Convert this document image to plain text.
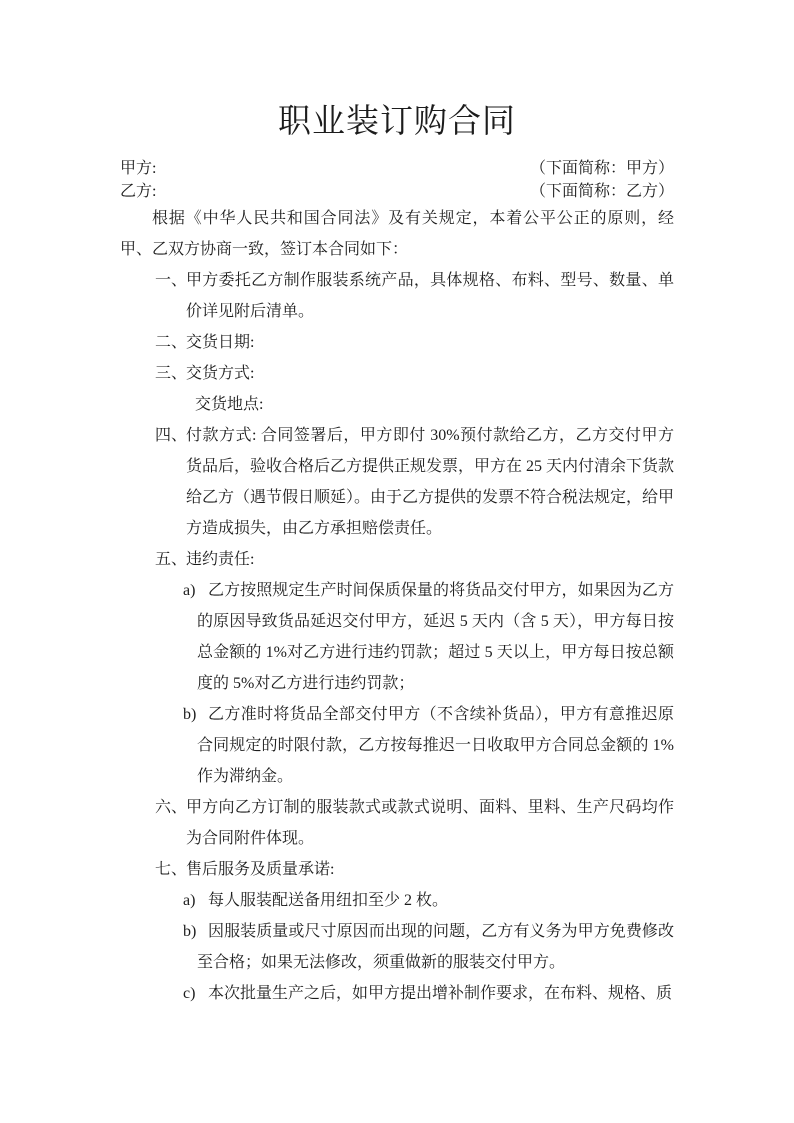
职业装订购合同
甲方:	（下面简称：甲方）
乙方:	（下面简称：乙方）

根据《中华人民共和国合同法》及有关规定，本着公平公正的原则，经甲、乙双方协商一致，签订本合同如下：

一、
甲方委托乙方制作服装系统产品，具体规格、布料、型号、数量、单价详见附后清单。
二、
交货日期:
三、
交货方式:
交货地点:
四、
付款方式: 合同签署后，甲方即付 30%预付款给乙方，乙方交付甲方货品后，验收合格后乙方提供正规发票，甲方在 25 天内付清余下货款给乙方（遇节假日顺延）。由于乙方提供的发票不符合税法规定，给甲方造成损失，由乙方承担赔偿责任。
五、
违约责任:
a) 乙方按照规定生产时间保质保量的将货品交付甲方，如果因为乙方的原因导致货品延迟交付甲方，延迟 5 天内（含 5 天），甲方每日按总金额的 1%对乙方进行违约罚款；超过 5 天以上，甲方每日按总额度的 5%对乙方进行违约罚款；
b) 乙方准时将货品全部交付甲方（不含续补货品），甲方有意推迟原合同规定的时限付款，乙方按每推迟一日收取甲方合同总金额的 1%作为滞纳金。
六、
甲方向乙方订制的服装款式或款式说明、面料、里料、生产尺码均作为合同附件体现。
七、
售后服务及质量承诺:
a) 每人服装配送备用纽扣至少 2 枚。
b) 因服装质量或尺寸原因而出现的问题，乙方有义务为甲方免费修改至合格；如果无法修改，须重做新的服装交付甲方。
c) 本次批量生产之后，如甲方提出增补制作要求，在布料、规格、质
